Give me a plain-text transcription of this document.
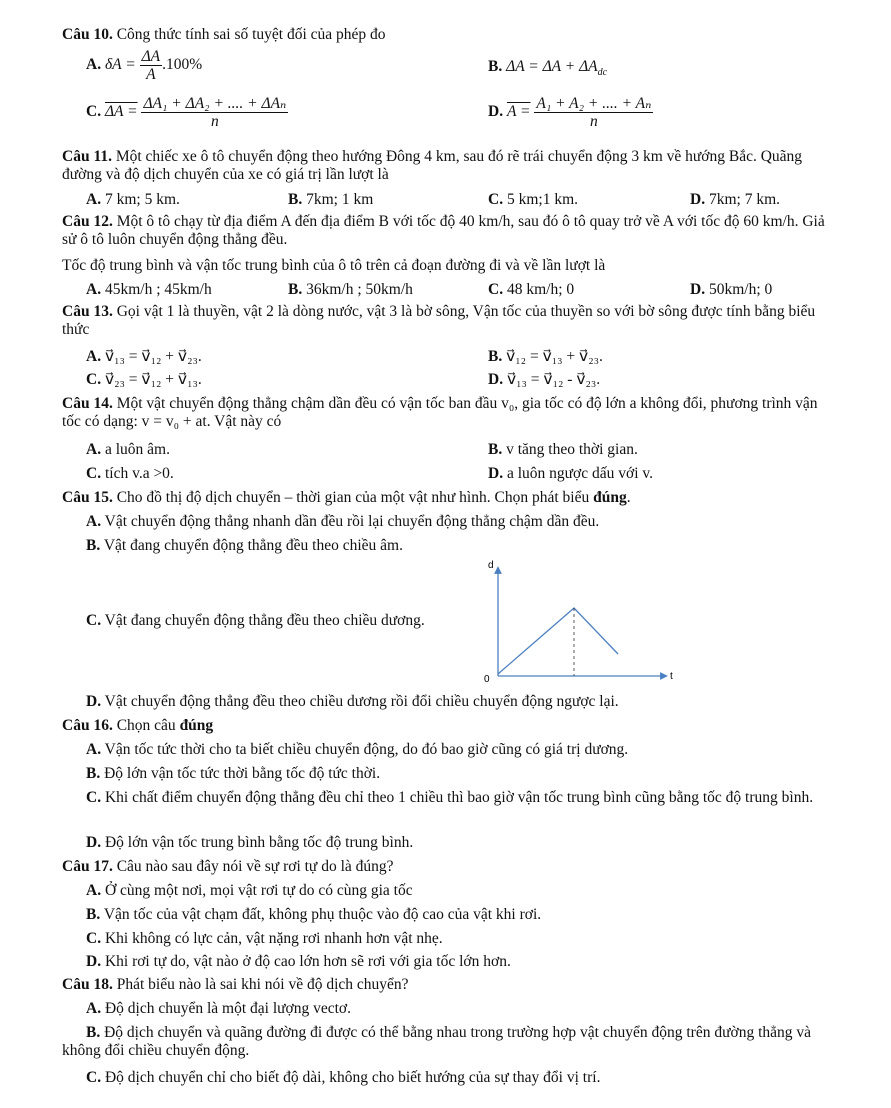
Câu 10. Công thức tính sai số tuyệt đối của phép đo
A. $\delta A = \frac{\Delta A}{A} .100\%$	B. $\Delta A = \Delta A + \Delta A_{dc}$
C. $\Delta A = \frac{\text{ΔA₁ + ΔA₂ + .... + ΔAₙ}}{n}$	D. $A = \frac{\text{A₁ + A₂ + .... + Aₙ}}{n}$
Câu 11. Một chiếc xe ô tô chuyển động theo hướng Đông 4 km, sau đó rẽ trái chuyển động 3 km về hướng Bắc. Quãng đường và độ dịch chuyển của xe có giá trị lần lượt là
A. 7 km; 5 km.	B. 7km; 1 km	C. 5 km;1 km.	D. 7km; 7 km.
Câu 12. Một ô tô chạy từ địa điểm A đến địa điểm B với tốc độ 40 km/h, sau đó ô tô quay trở về A với tốc độ 60 km/h. Giả sử ô tô luôn chuyển động thẳng đều.
Tốc độ trung bình và vận tốc trung bình của ô tô trên cả đoạn đường đi và về lần lượt là
A. 45km/h ; 45km/h	B. 36km/h ; 50km/h	C. 48 km/h; 0	D. 50km/h; 0
Câu 13. Gọi vật 1 là thuyền, vật 2 là dòng nước, vật 3 là bờ sông, Vận tốc của thuyền so với bờ sông được tính bằng biểu thức
A. v⃗₁₃ = v⃗₁₂ + v⃗₂₃.	B. v⃗₁₂ = v⃗₁₃ + v⃗₂₃.
C. v⃗₂₃ = v⃗₁₂ + v⃗₁₃.	D. v⃗₁₃ = v⃗₁₂ - v⃗₂₃.
Câu 14. Một vật chuyển động thẳng chậm dần đều có vận tốc ban đầu v₀, gia tốc có độ lớn a không đổi, phương trình vận tốc có dạng: v = v₀ + at. Vật này có
A. a luôn âm.	B. v tăng theo thời gian.
C. tích v.a >0.	D. a luôn ngược dấu với v.
Câu 15. Cho đồ thị độ dịch chuyển – thời gian của một vật như hình. Chọn phát biểu đúng.
A. Vật chuyển động thẳng nhanh dần đều rồi lại chuyển động thẳng chậm dần đều.
B. Vật đang chuyển động thẳng đều theo chiều âm.
C. Vật đang chuyển động thẳng đều theo chiều dương.
d
t
0
D. Vật chuyển động thẳng đều theo chiều dương rồi đổi chiều chuyển động ngược lại.
Câu 16. Chọn câu đúng
A. Vận tốc tức thời cho ta biết chiều chuyển động, do đó bao giờ cũng có giá trị dương.
B. Độ lớn vận tốc tức thời bằng tốc độ tức thời.
C. Khi chất điểm chuyển động thẳng đều chỉ theo 1 chiều thì bao giờ vận tốc trung bình cũng bằng tốc độ trung bình.
D. Độ lớn vận tốc trung bình bằng tốc độ trung bình.
Câu 17. Câu nào sau đây nói về sự rơi tự do là đúng?
A. Ở cùng một nơi, mọi vật rơi tự do có cùng gia tốc
B. Vận tốc của vật chạm đất, không phụ thuộc vào độ cao của vật khi rơi.
C. Khi không có lực cản, vật nặng rơi nhanh hơn vật nhẹ.
D. Khi rơi tự do, vật nào ở độ cao lớn hơn sẽ rơi với gia tốc lớn hơn.
Câu 18. Phát biểu nào là sai khi nói về độ dịch chuyển?
A. Độ dịch chuyển là một đại lượng vectơ.
B. Độ dịch chuyển và quãng đường đi được có thể bằng nhau trong trường hợp vật chuyển động trên đường thẳng và không đổi chiều chuyển động.
C. Độ dịch chuyển chỉ cho biết độ dài, không cho biết hướng của sự thay đổi vị trí.
